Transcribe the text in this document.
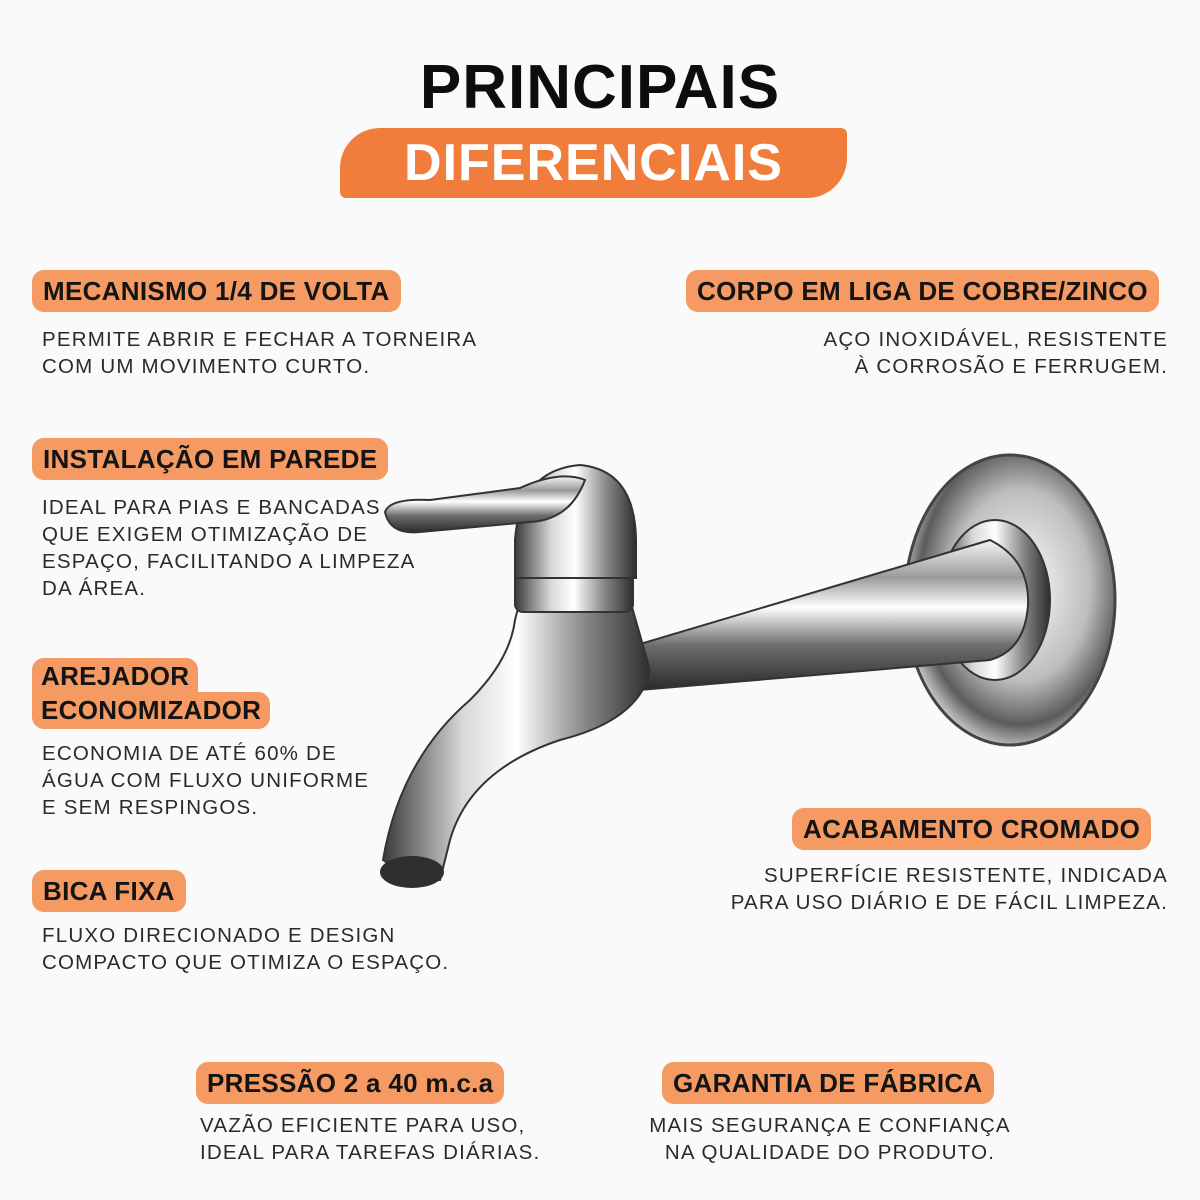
PRINCIPAIS
DIFERENCIAIS
MECANISMO 1/4 DE VOLTA
PERMITE ABRIR E FECHAR A TORNEIRA
COM UM MOVIMENTO CURTO.
CORPO EM LIGA DE COBRE/ZINCO
AÇO INOXIDÁVEL, RESISTENTE
À CORROSÃO E FERRUGEM.
INSTALAÇÃO EM PAREDE
IDEAL PARA PIAS E BANCADAS
QUE EXIGEM OTIMIZAÇÃO DE
ESPAÇO, FACILITANDO A LIMPEZA
DA ÁREA.
AREJADOR
ECONOMIZADOR
ECONOMIA DE ATÉ 60% DE
ÁGUA COM FLUXO UNIFORME
E SEM RESPINGOS.
BICA FIXA
FLUXO DIRECIONADO E DESIGN
COMPACTO QUE OTIMIZA O ESPAÇO.
ACABAMENTO CROMADO
SUPERFÍCIE RESISTENTE, INDICADA
PARA USO DIÁRIO E DE FÁCIL LIMPEZA.
PRESSÃO 2 a 40 m.c.a
VAZÃO EFICIENTE PARA USO,
IDEAL PARA TAREFAS DIÁRIAS.
GARANTIA DE FÁBRICA
MAIS SEGURANÇA E CONFIANÇA
NA QUALIDADE DO PRODUTO.
